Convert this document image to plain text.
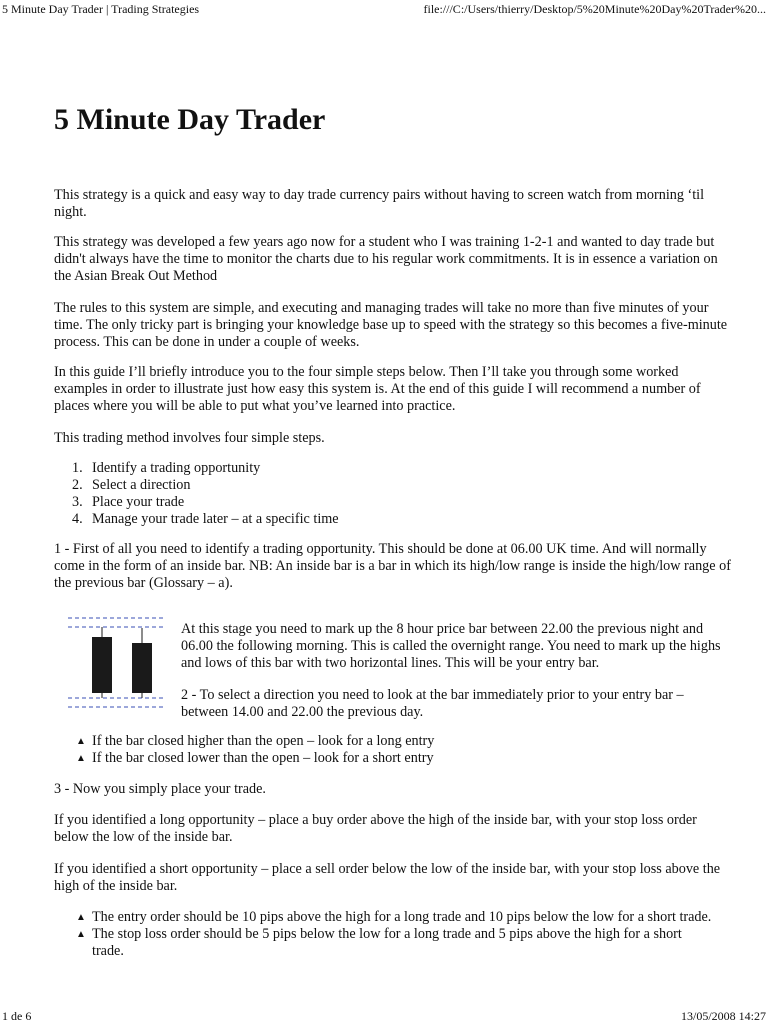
5 Minute Day Trader | Trading Strategies	file:///C:/Users/thierry/Desktop/5%20Minute%20Day%20Trader%20...
5 Minute Day Trader

This strategy is a quick and easy way to day trade currency pairs without having to screen watch from morning ‘til night.

This strategy was developed a few years ago now for a student who I was training 1-2-1 and wanted to day trade but didn't always have the time to monitor the charts due to his regular work commitments. It is in essence a variation on the Asian Break Out Method

The rules to this system are simple, and executing and managing trades will take no more than five minutes of your time. The only tricky part is bringing your knowledge base up to speed with the strategy so this becomes a five-minute process. This can be done in under a couple of weeks.

In this guide I’ll briefly introduce you to the four simple steps below. Then I’ll take you through some worked examples in order to illustrate just how easy this system is. At the end of this guide I will recommend a number of places where you will be able to put what you’ve learned into practice.

This trading method involves four simple steps.

1. Identify a trading opportunity
2. Select a direction
3. Place your trade
4. Manage your trade later – at a specific time

1 - First of all you need to identify a trading opportunity. This should be done at 06.00 UK time. And will normally come in the form of an inside bar. NB: An inside bar is a bar in which its high/low range is inside the high/low range of the previous bar (Glossary – a).

At this stage you need to mark up the 8 hour price bar between 22.00 the previous night and 06.00 the following morning. This is called the overnight range. You need to mark up the highs and lows of this bar with two horizontal lines. This will be your entry bar.

2 - To select a direction you need to look at the bar immediately prior to your entry bar – between 14.00 and 22.00 the previous day.

▲ If the bar closed higher than the open – look for a long entry
▲ If the bar closed lower than the open – look for a short entry

3 - Now you simply place your trade.

If you identified a long opportunity – place a buy order above the high of the inside bar, with your stop loss order below the low of the inside bar.

If you identified a short opportunity – place a sell order below the low of the inside bar, with your stop loss above the high of the inside bar.

▲ The entry order should be 10 pips above the high for a long trade and 10 pips below the low for a short trade.
▲ The stop loss order should be 5 pips below the low for a long trade and 5 pips above the high for a short trade.
1 de 6	13/05/2008 14:27
